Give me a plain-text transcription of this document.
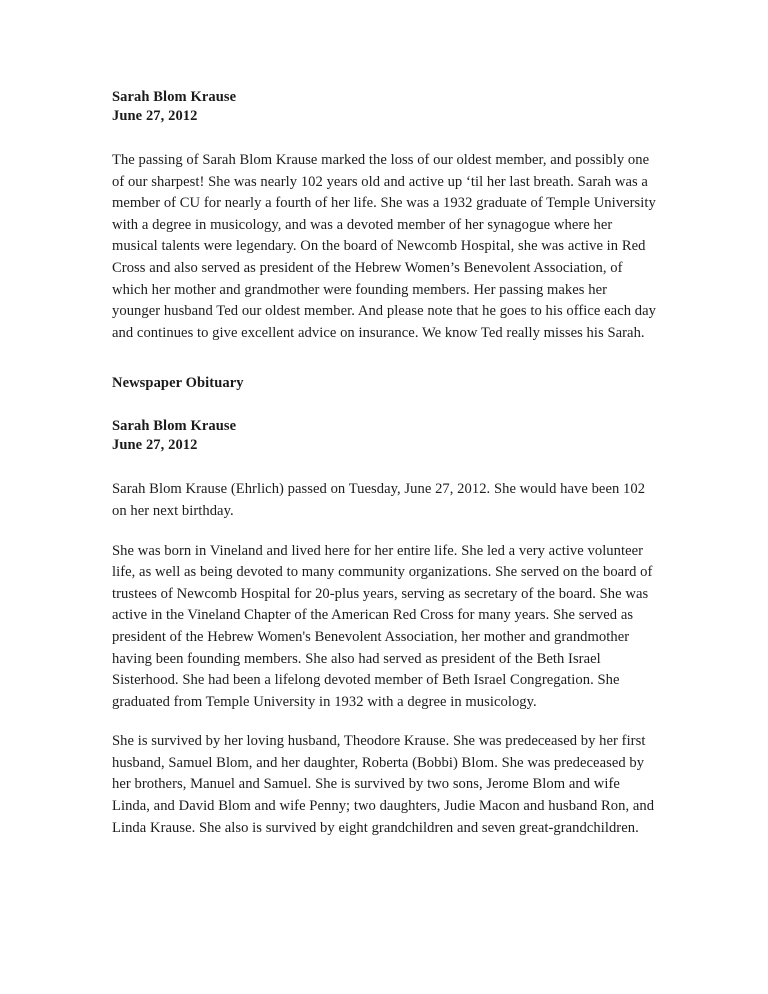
Sarah Blom Krause
June 27, 2012

The passing of Sarah Blom Krause marked the loss of our oldest member, and possibly one of our sharpest! She was nearly 102 years old and active up ‘til her last breath. Sarah was a member of CU for nearly a fourth of her life. She was a 1932 graduate of Temple University with a degree in musicology, and was a devoted member of her synagogue where her musical talents were legendary. On the board of Newcomb Hospital, she was active in Red Cross and also served as president of the Hebrew Women’s Benevolent Association, of which her mother and grandmother were founding members. Her passing makes her younger husband Ted our oldest member. And please note that he goes to his office each day and continues to give excellent advice on insurance. We know Ted really misses his Sarah.

Newspaper Obituary
Sarah Blom Krause
June 27, 2012

Sarah Blom Krause (Ehrlich) passed on Tuesday, June 27, 2012. She would have been 102 on her next birthday.

She was born in Vineland and lived here for her entire life. She led a very active volunteer life, as well as being devoted to many community organizations. She served on the board of trustees of Newcomb Hospital for 20-plus years, serving as secretary of the board. She was active in the Vineland Chapter of the American Red Cross for many years. She served as president of the Hebrew Women's Benevolent Association, her mother and grandmother having been founding members. She also had served as president of the Beth Israel Sisterhood. She had been a lifelong devoted member of Beth Israel Congregation. She graduated from Temple University in 1932 with a degree in musicology.

She is survived by her loving husband, Theodore Krause. She was predeceased by her first husband, Samuel Blom, and her daughter, Roberta (Bobbi) Blom. She was predeceased by her brothers, Manuel and Samuel. She is survived by two sons, Jerome Blom and wife Linda, and David Blom and wife Penny; two daughters, Judie Macon and husband Ron, and Linda Krause. She also is survived by eight grandchildren and seven great-grandchildren.
